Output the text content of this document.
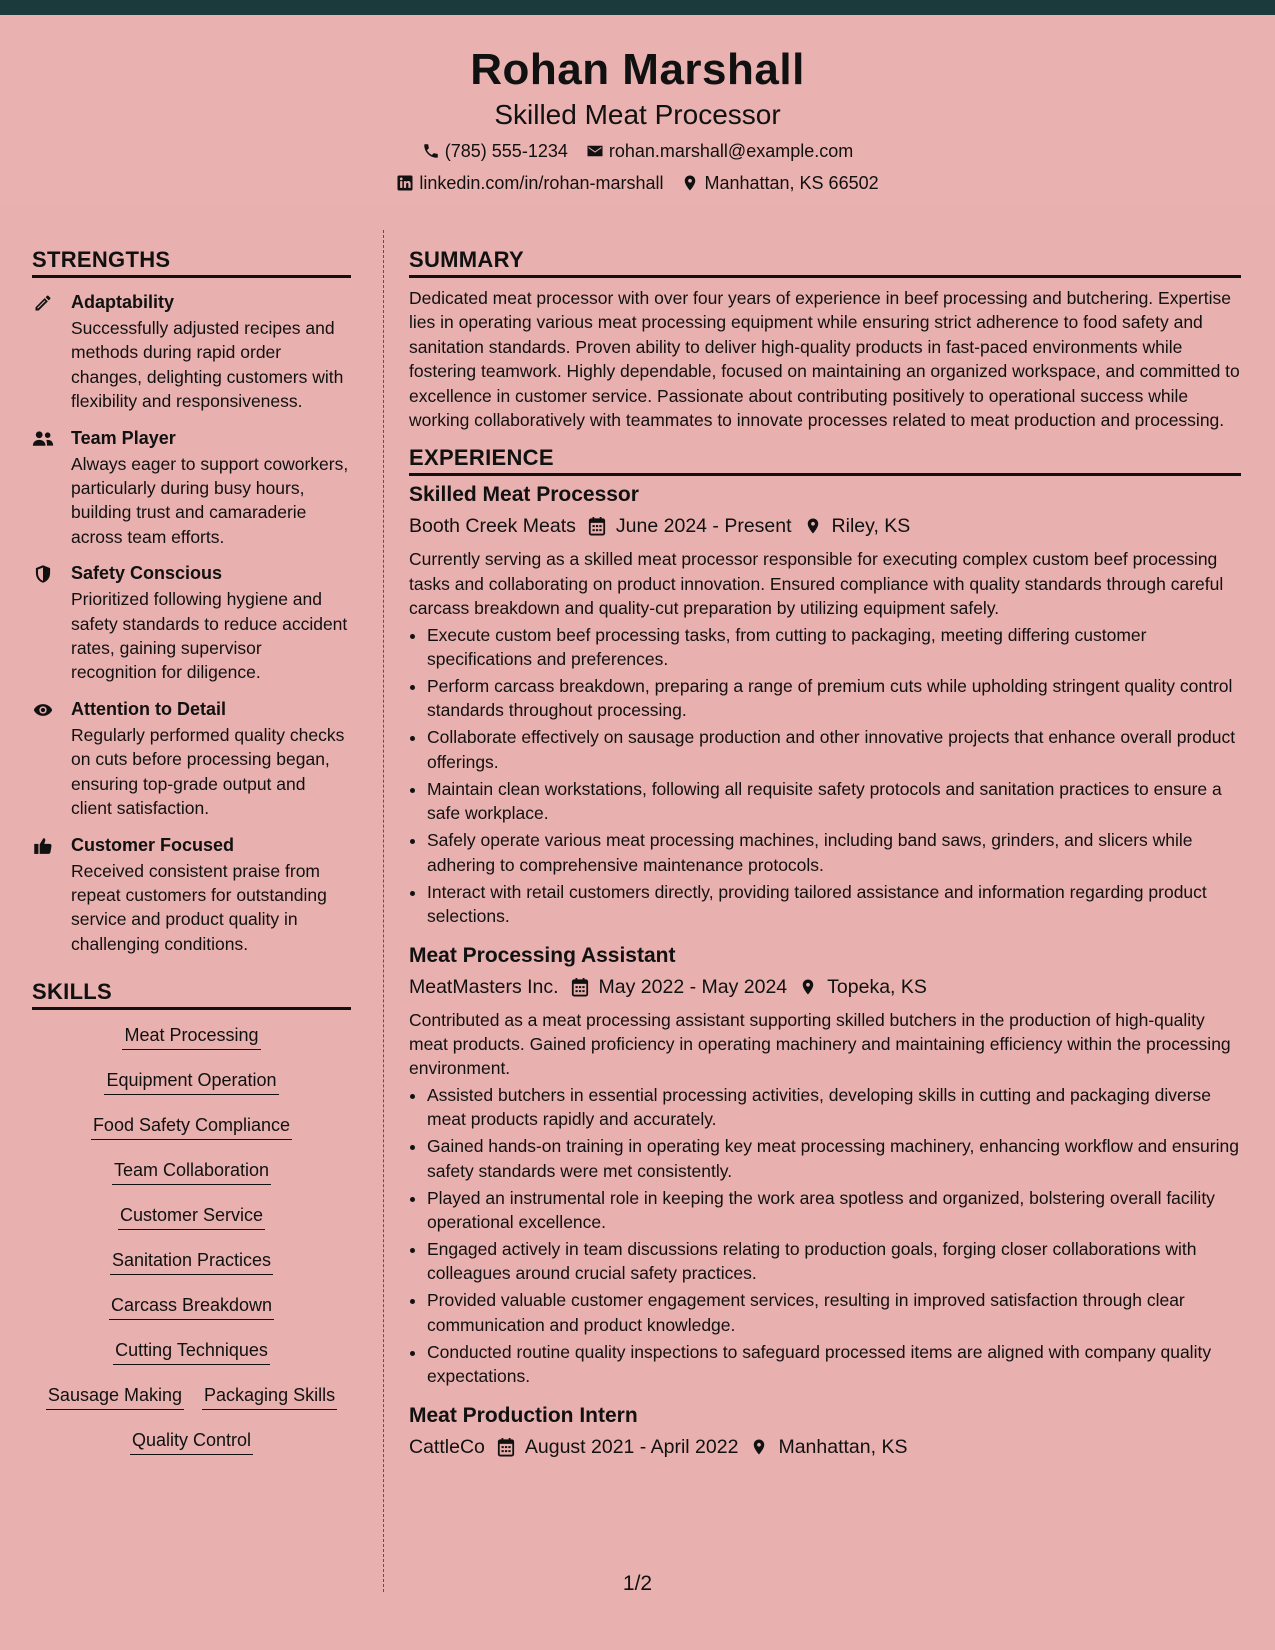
Rohan Marshall
Skilled Meat Processor
(785) 555-1234 rohan.marshall@example.com
linkedin.com/in/rohan-marshall Manhattan, KS 66502
STRENGTHS
Adaptability
Successfully adjusted recipes and methods during rapid order changes, delighting customers with flexibility and responsiveness.
Team Player
Always eager to support coworkers, particularly during busy hours, building trust and camaraderie across team efforts.
Safety Conscious
Prioritized following hygiene and safety standards to reduce accident rates, gaining supervisor recognition for diligence.
Attention to Detail
Regularly performed quality checks on cuts before processing began, ensuring top-grade output and client satisfaction.
Customer Focused
Received consistent praise from repeat customers for outstanding service and product quality in challenging conditions.
SKILLS
Meat Processing
Equipment Operation
Food Safety Compliance
Team Collaboration
Customer Service
Sanitation Practices
Carcass Breakdown
Cutting Techniques
Sausage Making Packaging Skills
Quality Control
SUMMARY
Dedicated meat processor with over four years of experience in beef processing and butchering. Expertise lies in operating various meat processing equipment while ensuring strict adherence to food safety and sanitation standards. Proven ability to deliver high-quality products in fast-paced environments while fostering teamwork. Highly dependable, focused on maintaining an organized workspace, and committed to excellence in customer service. Passionate about contributing positively to operational success while working collaboratively with teammates to innovate processes related to meat production and processing.
EXPERIENCE
Skilled Meat Processor
Booth Creek Meats June 2024 - Present Riley, KS
Currently serving as a skilled meat processor responsible for executing complex custom beef processing tasks and collaborating on product innovation. Ensured compliance with quality standards through careful carcass breakdown and quality-cut preparation by utilizing equipment safely.
• Execute custom beef processing tasks, from cutting to packaging, meeting differing customer specifications and preferences.
• Perform carcass breakdown, preparing a range of premium cuts while upholding stringent quality control standards throughout processing.
• Collaborate effectively on sausage production and other innovative projects that enhance overall product offerings.
• Maintain clean workstations, following all requisite safety protocols and sanitation practices to ensure a safe workplace.
• Safely operate various meat processing machines, including band saws, grinders, and slicers while adhering to comprehensive maintenance protocols.
• Interact with retail customers directly, providing tailored assistance and information regarding product selections.
Meat Processing Assistant
MeatMasters Inc. May 2022 - May 2024 Topeka, KS
Contributed as a meat processing assistant supporting skilled butchers in the production of high-quality meat products. Gained proficiency in operating machinery and maintaining efficiency within the processing environment.
• Assisted butchers in essential processing activities, developing skills in cutting and packaging diverse meat products rapidly and accurately.
• Gained hands-on training in operating key meat processing machinery, enhancing workflow and ensuring safety standards were met consistently.
• Played an instrumental role in keeping the work area spotless and organized, bolstering overall facility operational excellence.
• Engaged actively in team discussions relating to production goals, forging closer collaborations with colleagues around crucial safety practices.
• Provided valuable customer engagement services, resulting in improved satisfaction through clear communication and product knowledge.
• Conducted routine quality inspections to safeguard processed items are aligned with company quality expectations.
Meat Production Intern
CattleCo August 2021 - April 2022 Manhattan, KS
1/2
